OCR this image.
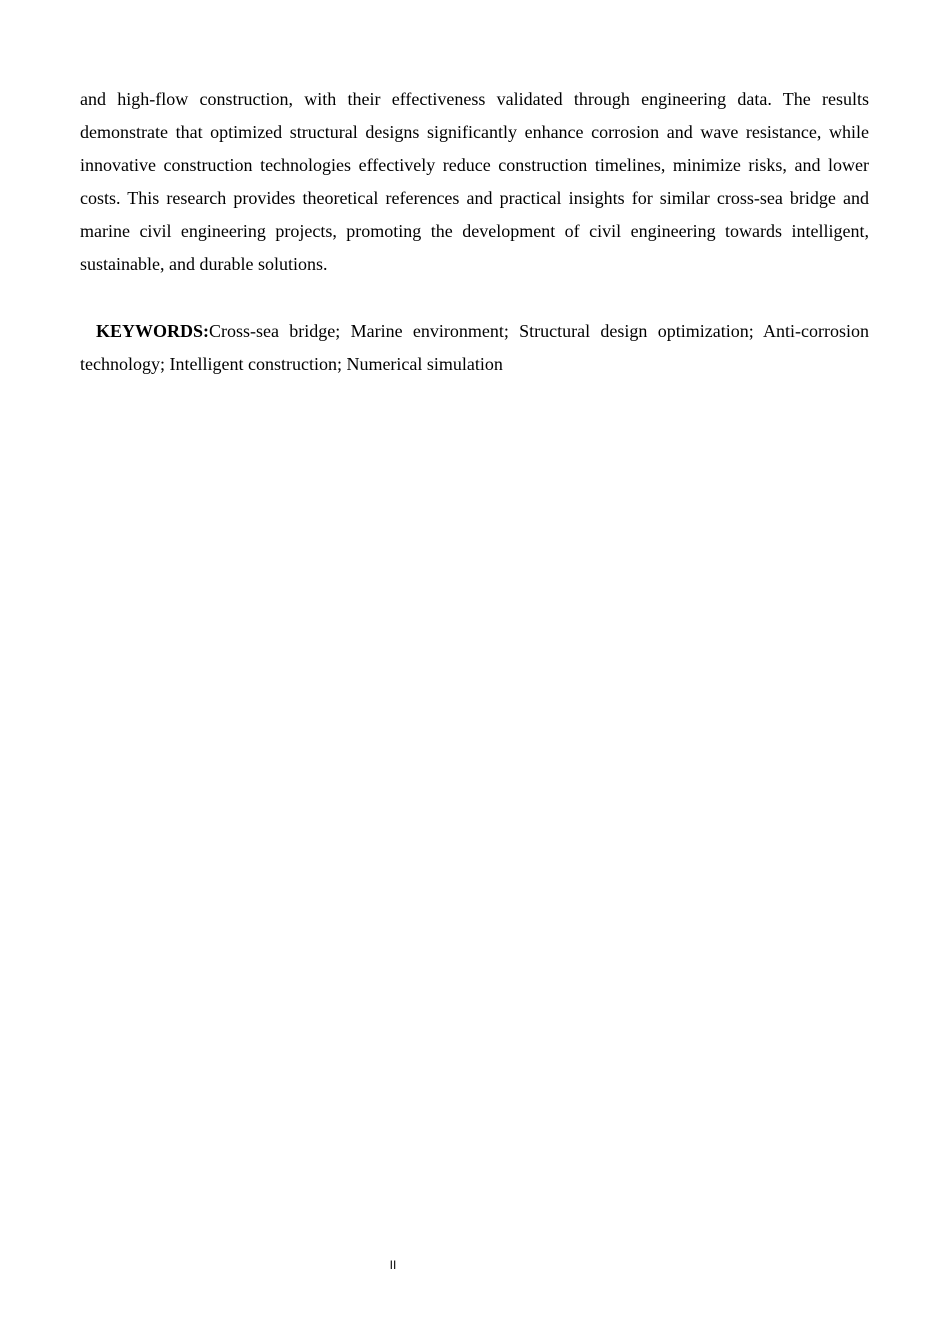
and high-flow construction, with their effectiveness validated through engineering data. The results demonstrate that optimized structural designs significantly enhance corrosion and wave resistance, while innovative construction technologies effectively reduce construction timelines, minimize risks, and lower costs. This research provides theoretical references and practical insights for similar cross-sea bridge and marine civil engineering projects, promoting the development of civil engineering towards intelligent, sustainable, and durable solutions.

KEYWORDS:Cross-sea bridge; Marine environment; Structural design optimization; Anti-corrosion technology; Intelligent construction; Numerical simulation

II
